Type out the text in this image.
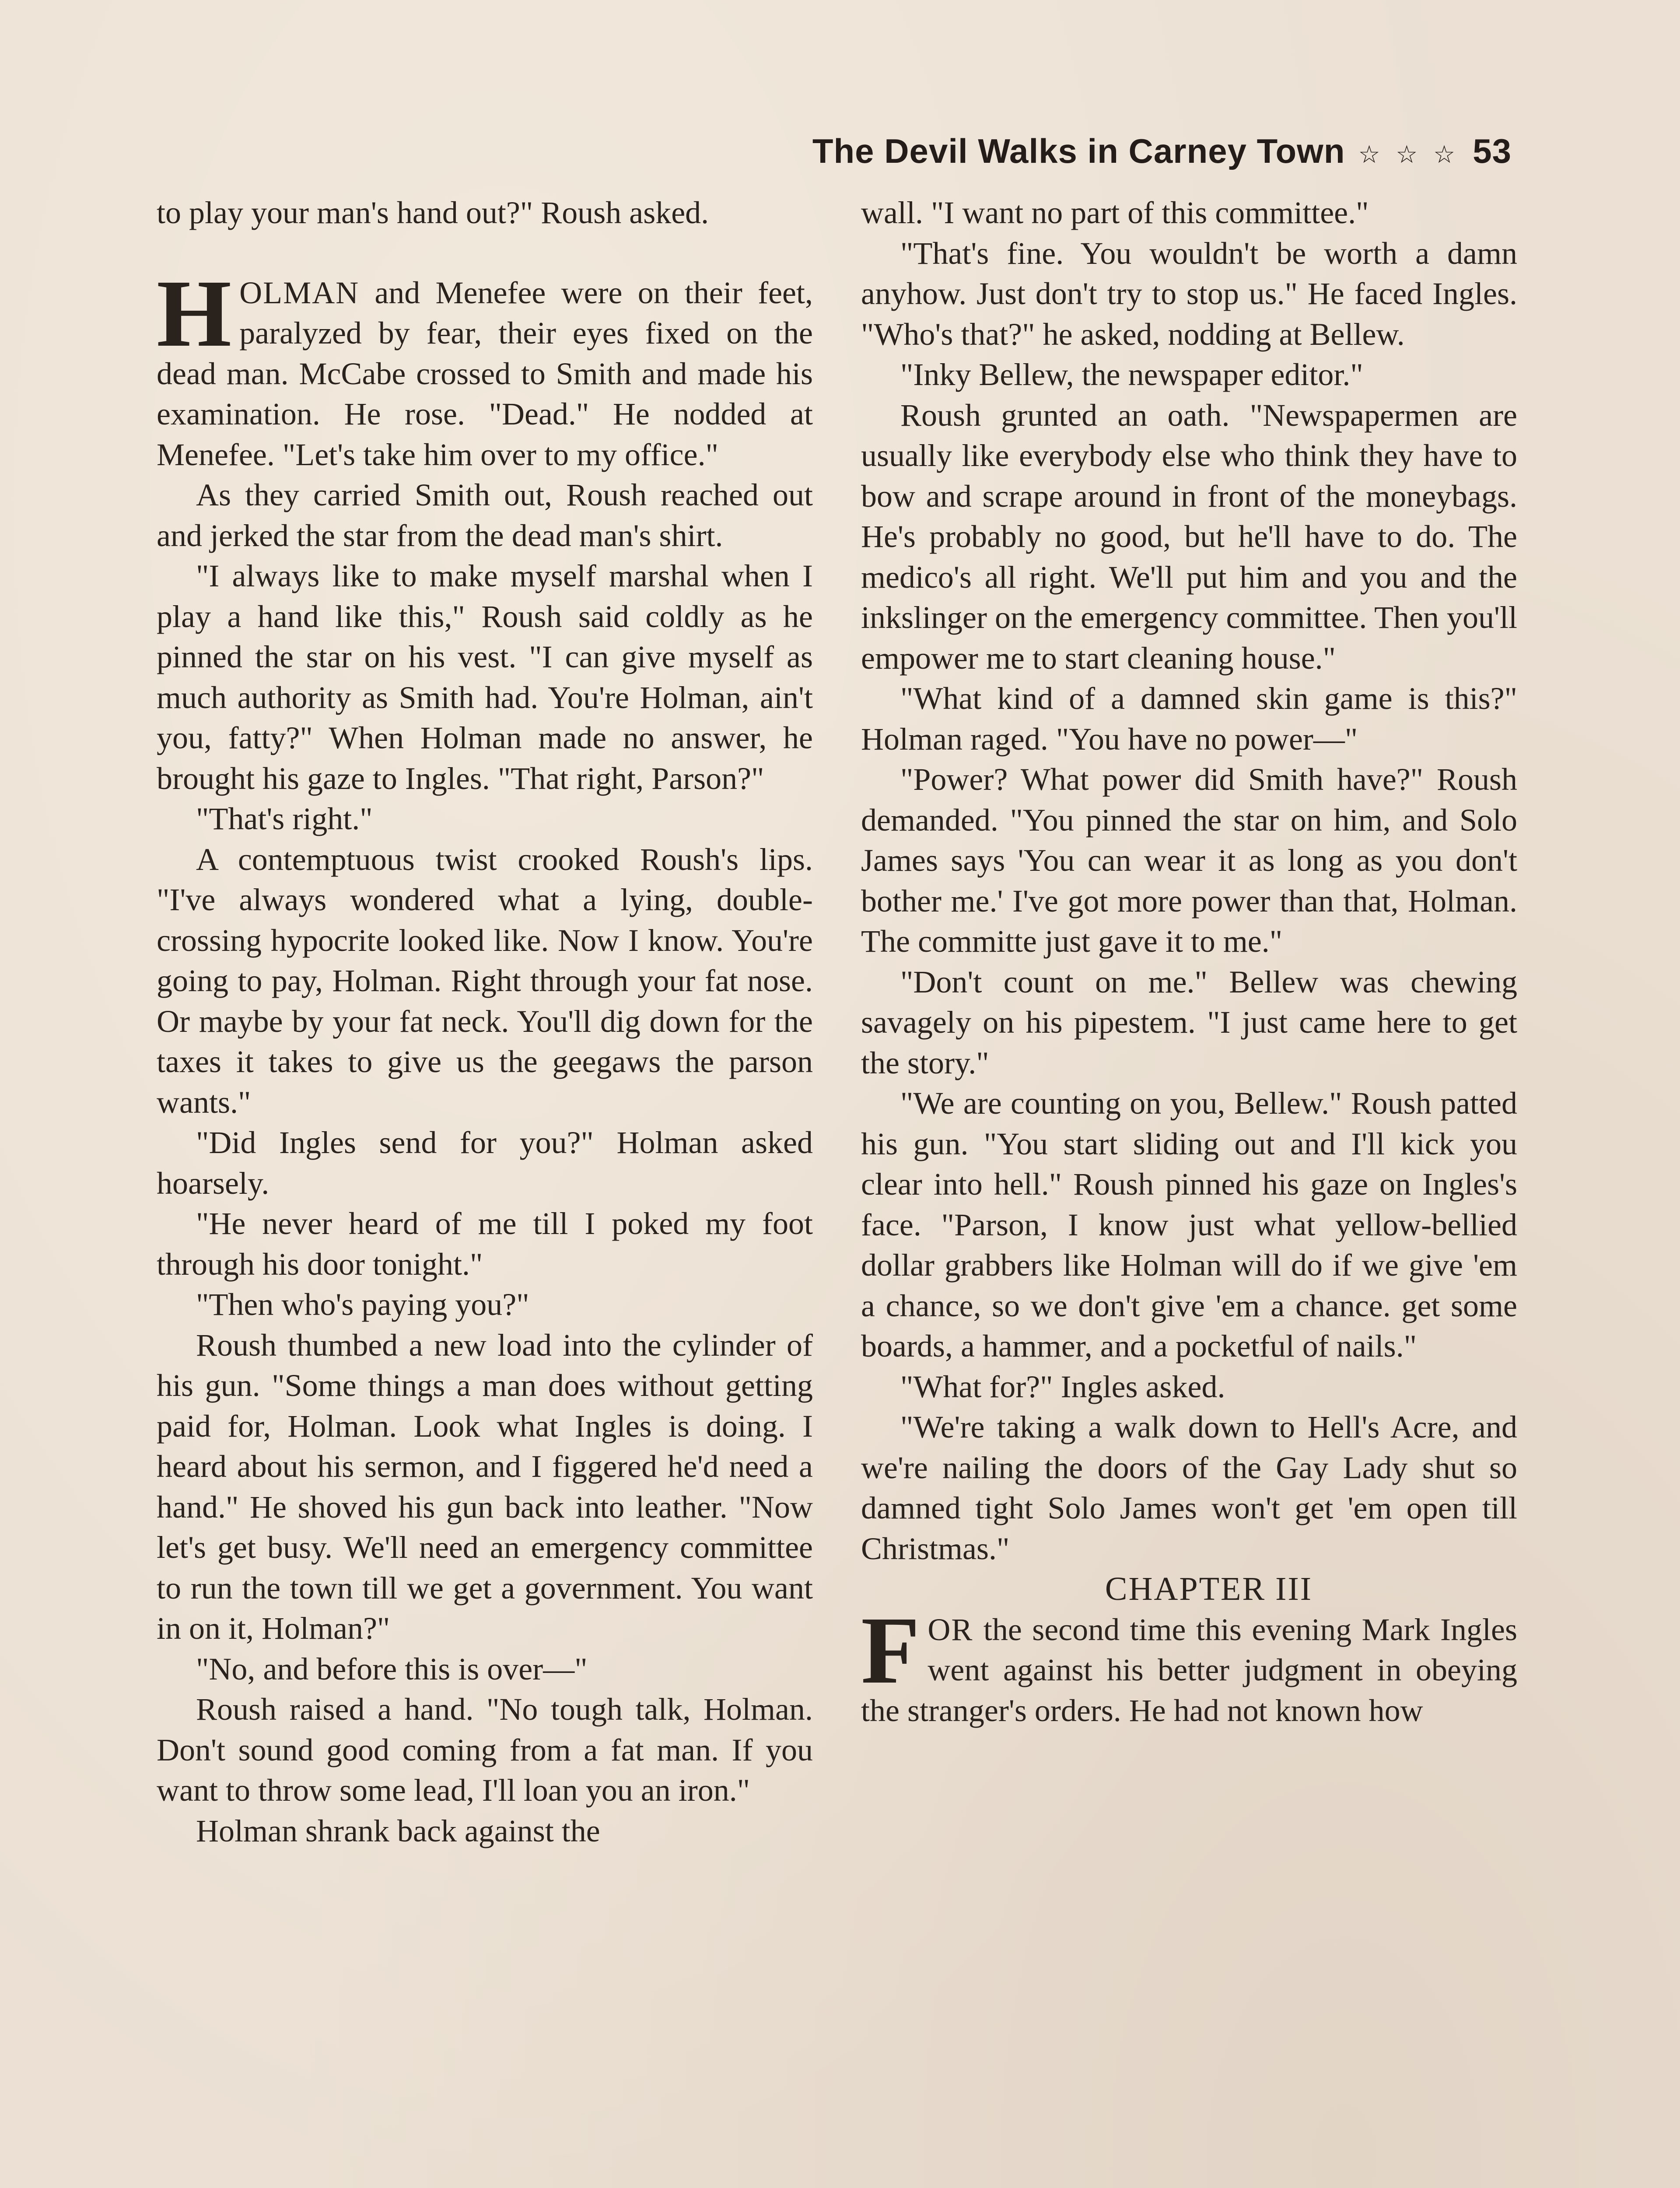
The Devil Walks in Carney Town ☆ ☆ ☆ 53

to play your man's hand out?" Roush asked.

HOLMAN and Menefee were on their feet, paralyzed by fear, their eyes fixed on the dead man. McCabe crossed to Smith and made his examination. He rose. "Dead." He nodded at Menefee. "Let's take him over to my office."

As they carried Smith out, Roush reached out and jerked the star from the dead man's shirt.

"I always like to make myself marshal when I play a hand like this," Roush said coldly as he pinned the star on his vest. "I can give myself as much authority as Smith had. You're Holman, ain't you, fatty?" When Holman made no answer, he brought his gaze to Ingles. "That right, Parson?"

"That's right."

A contemptuous twist crooked Roush's lips. "I've always wondered what a lying, double-crossing hypocrite looked like. Now I know. You're going to pay, Holman. Right through your fat nose. Or maybe by your fat neck. You'll dig down for the taxes it takes to give us the geegaws the parson wants."

"Did Ingles send for you?" Holman asked hoarsely.

"He never heard of me till I poked my foot through his door tonight."

"Then who's paying you?"

Roush thumbed a new load into the cylinder of his gun. "Some things a man does without getting paid for, Holman. Look what Ingles is doing. I heard about his sermon, and I figgered he'd need a hand." He shoved his gun back into leather. "Now let's get busy. We'll need an emergency committee to run the town till we get a government. You want in on it, Holman?"

"No, and before this is over—"

Roush raised a hand. "No tough talk, Holman. Don't sound good coming from a fat man. If you want to throw some lead, I'll loan you an iron."

Holman shrank back against the

wall. "I want no part of this committee."

"That's fine. You wouldn't be worth a damn anyhow. Just don't try to stop us." He faced Ingles. "Who's that?" he asked, nodding at Bellew.

"Inky Bellew, the newspaper editor."

Roush grunted an oath. "Newspapermen are usually like everybody else who think they have to bow and scrape around in front of the moneybags. He's probably no good, but he'll have to do. The medico's all right. We'll put him and you and the inkslinger on the emergency committee. Then you'll empower me to start cleaning house."

"What kind of a damned skin game is this?" Holman raged. "You have no power—"

"Power? What power did Smith have?" Roush demanded. "You pinned the star on him, and Solo James says 'You can wear it as long as you don't bother me.' I've got more power than that, Holman. The committe just gave it to me."

"Don't count on me." Bellew was chewing savagely on his pipestem. "I just came here to get the story."

"We are counting on you, Bellew." Roush patted his gun. "You start sliding out and I'll kick you clear into hell." Roush pinned his gaze on Ingles's face. "Parson, I know just what yellow-bellied dollar grabbers like Holman will do if we give 'em a chance, so we don't give 'em a chance. get some boards, a hammer, and a pocketful of nails."

"What for?" Ingles asked.

"We're taking a walk down to Hell's Acre, and we're nailing the doors of the Gay Lady shut so damned tight Solo James won't get 'em open till Christmas."

CHAPTER III

FOR the second time this evening Mark Ingles went against his better judgment in obeying the stranger's orders. He had not known how
